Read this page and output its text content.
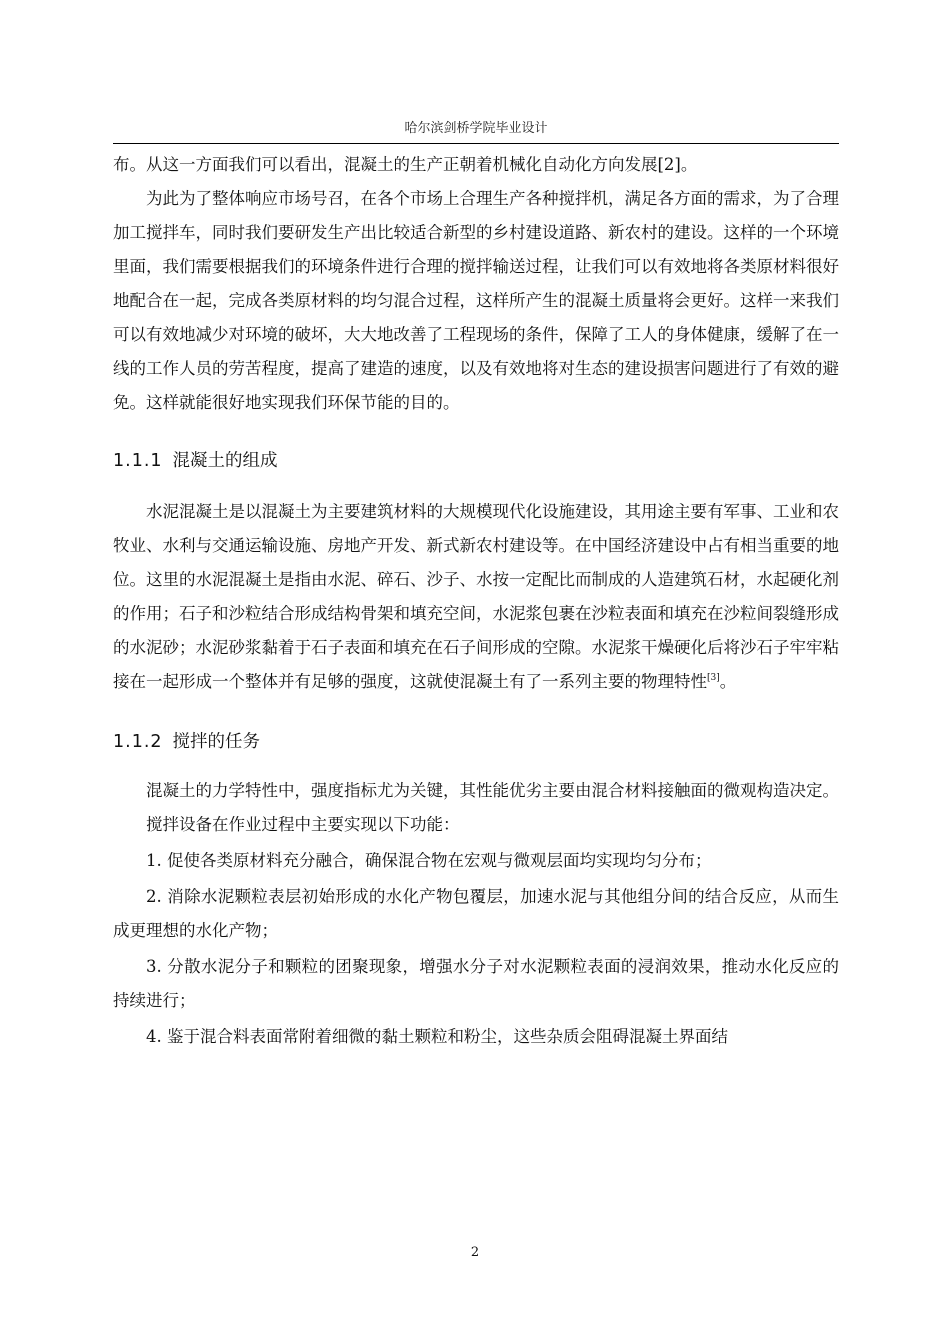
哈尔滨剑桥学院毕业设计

布。从这一方面我们可以看出，混凝土的生产正朝着机械化自动化方向发展[2]。

为此为了整体响应市场号召，在各个市场上合理生产各种搅拌机，满足各方面的需求，为了合理加工搅拌车，同时我们要研发生产出比较适合新型的乡村建设道路、新农村的建设。这样的一个环境里面，我们需要根据我们的环境条件进行合理的搅拌输送过程，让我们可以有效地将各类原材料很好地配合在一起，完成各类原材料的均匀混合过程，这样所产生的混凝土质量将会更好。这样一来我们可以有效地减少对环境的破坏，大大地改善了工程现场的条件，保障了工人的身体健康，缓解了在一线的工作人员的劳苦程度，提高了建造的速度，以及有效地将对生态的建设损害问题进行了有效的避免。这样就能很好地实现我们环保节能的目的。

1.1.1 混凝土的组成

水泥混凝土是以混凝土为主要建筑材料的大规模现代化设施建设，其用途主要有军事、工业和农牧业、水利与交通运输设施、房地产开发、新式新农村建设等。在中国经济建设中占有相当重要的地位。这里的水泥混凝土是指由水泥、碎石、沙子、水按一定配比而制成的人造建筑石材，水起硬化剂的作用；石子和沙粒结合形成结构骨架和填充空间，水泥浆包裹在沙粒表面和填充在沙粒间裂缝形成的水泥砂；水泥砂浆黏着于石子表面和填充在石子间形成的空隙。水泥浆干燥硬化后将沙石子牢牢粘接在一起形成一个整体并有足够的强度，这就使混凝土有了一系列主要的物理特性[3]。

1.1.2 搅拌的任务

混凝土的力学特性中，强度指标尤为关键，其性能优劣主要由混合材料接触面的微观构造决定。

搅拌设备在作业过程中主要实现以下功能：

1. 促使各类原材料充分融合，确保混合物在宏观与微观层面均实现均匀分布；

2. 消除水泥颗粒表层初始形成的水化产物包覆层，加速水泥与其他组分间的结合反应，从而生成更理想的水化产物；

3. 分散水泥分子和颗粒的团聚现象，增强水分子对水泥颗粒表面的浸润效果，推动水化反应的持续进行；

4. 鉴于混合料表面常附着细微的黏土颗粒和粉尘，这些杂质会阻碍混凝土界面结

2
